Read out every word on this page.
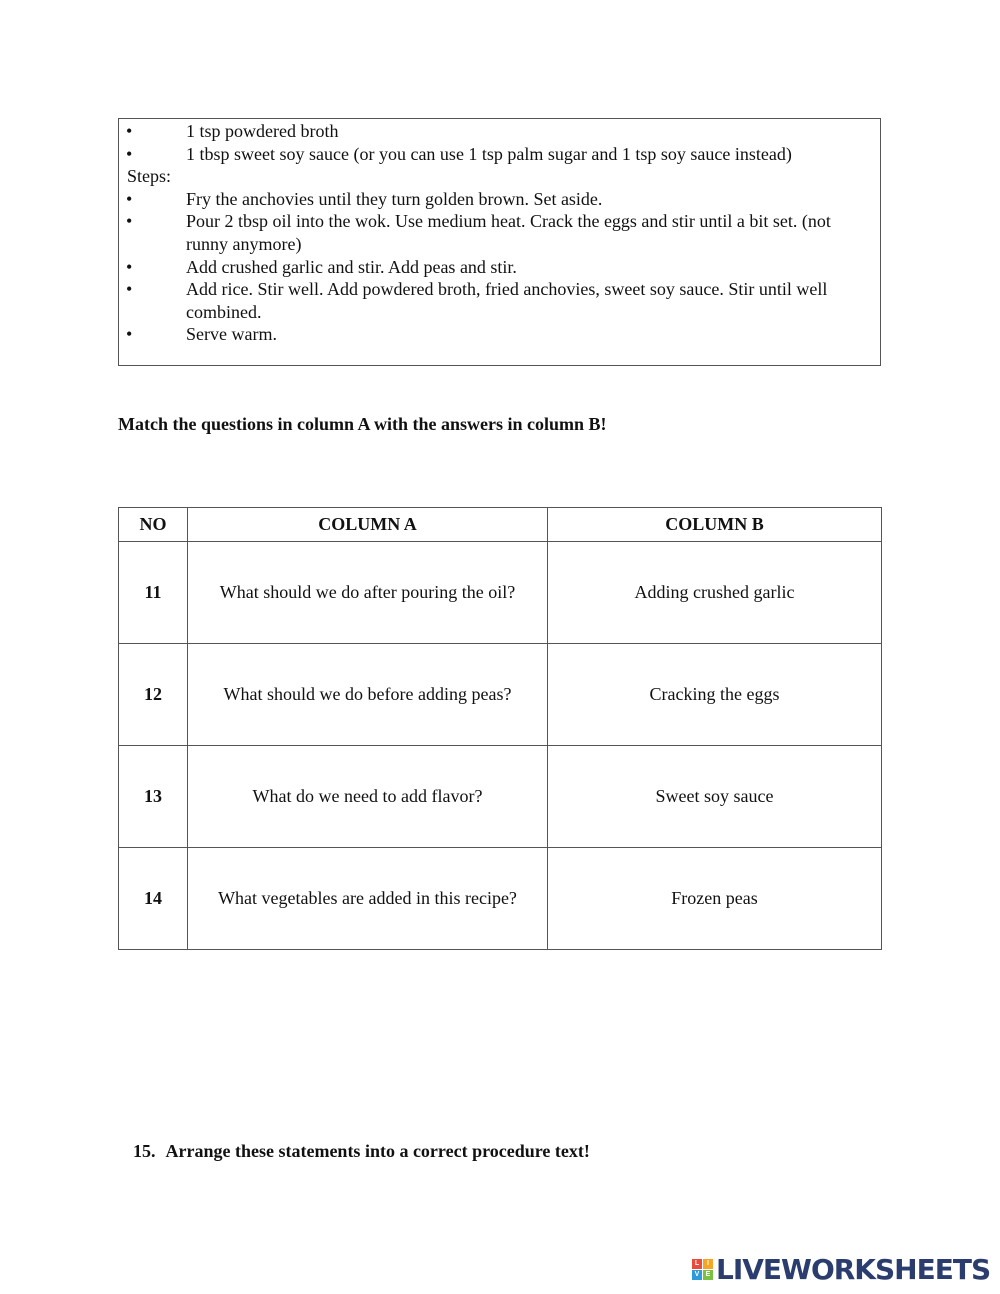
•	1 tsp powdered broth
•	1 tbsp sweet soy sauce (or you can use 1 tsp palm sugar and 1 tsp soy sauce instead)
Steps:
•	Fry the anchovies until they turn golden brown. Set aside.
•	Pour 2 tbsp oil into the wok. Use medium heat. Crack the eggs and stir until a bit set. (not runny anymore)
•	Add crushed garlic and stir. Add peas and stir.
•	Add rice. Stir well. Add powdered broth, fried anchovies, sweet soy sauce. Stir until well combined.
•	Serve warm.
Match the questions in column A with the answers in column B!
NO	COLUMN A	COLUMN B
11	What should we do after pouring the oil?	Adding crushed garlic
12	What should we do before adding peas?	Cracking the eggs
13	What do we need to add flavor?	Sweet soy sauce
14	What vegetables are added in this recipe?	Frozen peas
15. Arrange these statements into a correct procedure text!
L	I
V E LIVEWORKSHEETS
